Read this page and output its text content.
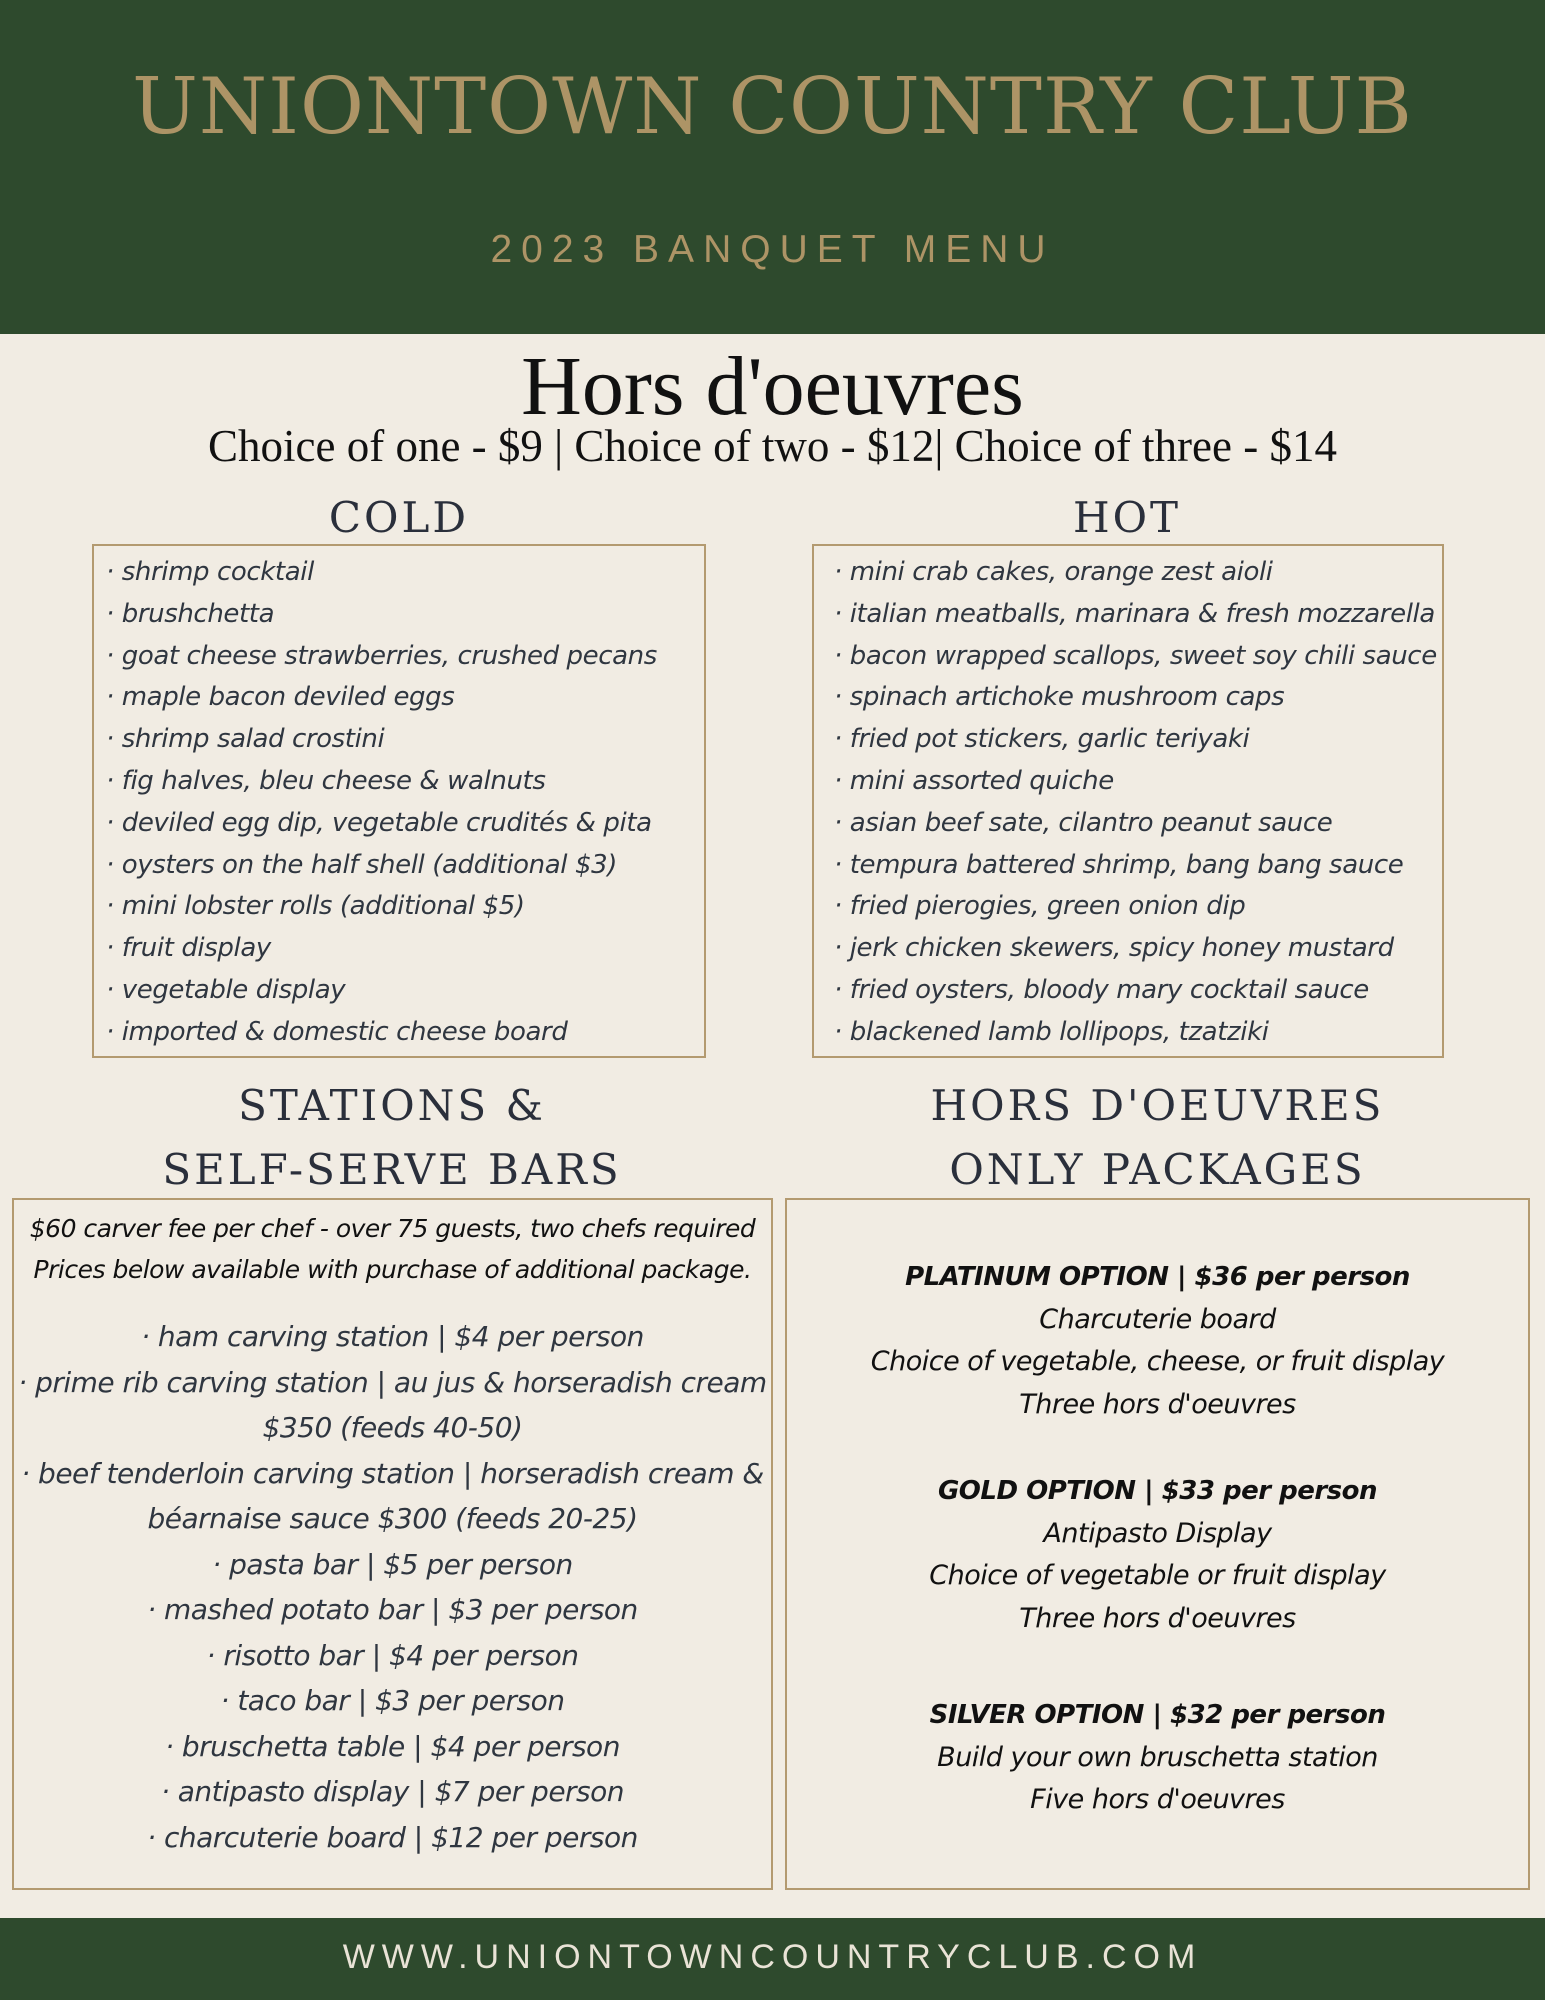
UNIONTOWN COUNTRY CLUB
2023 BANQUET MENU
Hors d'oeuvres
Choice of one - $9 | Choice of two - $12| Choice of three - $14
COLD	HOT
· shrimp cocktail
· brushchetta
· goat cheese strawberries, crushed pecans
· maple bacon deviled eggs
· shrimp salad crostini
· fig halves, bleu cheese & walnuts
· deviled egg dip, vegetable crudités & pita
· oysters on the half shell (additional $3)
· mini lobster rolls (additional $5)
· fruit display
· vegetable display
· imported & domestic cheese board
· mini crab cakes, orange zest aioli
· italian meatballs, marinara & fresh mozzarella
· bacon wrapped scallops, sweet soy chili sauce
· spinach artichoke mushroom caps
· fried pot stickers, garlic teriyaki
· mini assorted quiche
· asian beef sate, cilantro peanut sauce
· tempura battered shrimp, bang bang sauce
· fried pierogies, green onion dip
· jerk chicken skewers, spicy honey mustard
· fried oysters, bloody mary cocktail sauce
· blackened lamb lollipops, tzatziki
STATIONS &
SELF-SERVE BARS
HORS D'OEUVRES
ONLY PACKAGES
$60 carver fee per chef - over 75 guests, two chefs required
Prices below available with purchase of additional package.
· ham carving station | $4 per person
· prime rib carving station | au jus & horseradish cream $350 (feeds 40-50)
· beef tenderloin carving station | horseradish cream & béarnaise sauce $300 (feeds 20-25)
· pasta bar | $5 per person
· mashed potato bar | $3 per person
· risotto bar | $4 per person
· taco bar | $3 per person
· bruschetta table | $4 per person
· antipasto display | $7 per person
· charcuterie board | $12 per person
PLATINUM OPTION | $36 per person
Charcuterie board
Choice of vegetable, cheese, or fruit display
Three hors d'oeuvres
GOLD OPTION | $33 per person
Antipasto Display
Choice of vegetable or fruit display
Three hors d'oeuvres
SILVER OPTION | $32 per person
Build your own bruschetta station
Five hors d'oeuvres
WWW.UNIONTOWNCOUNTRYCLUB.COM
